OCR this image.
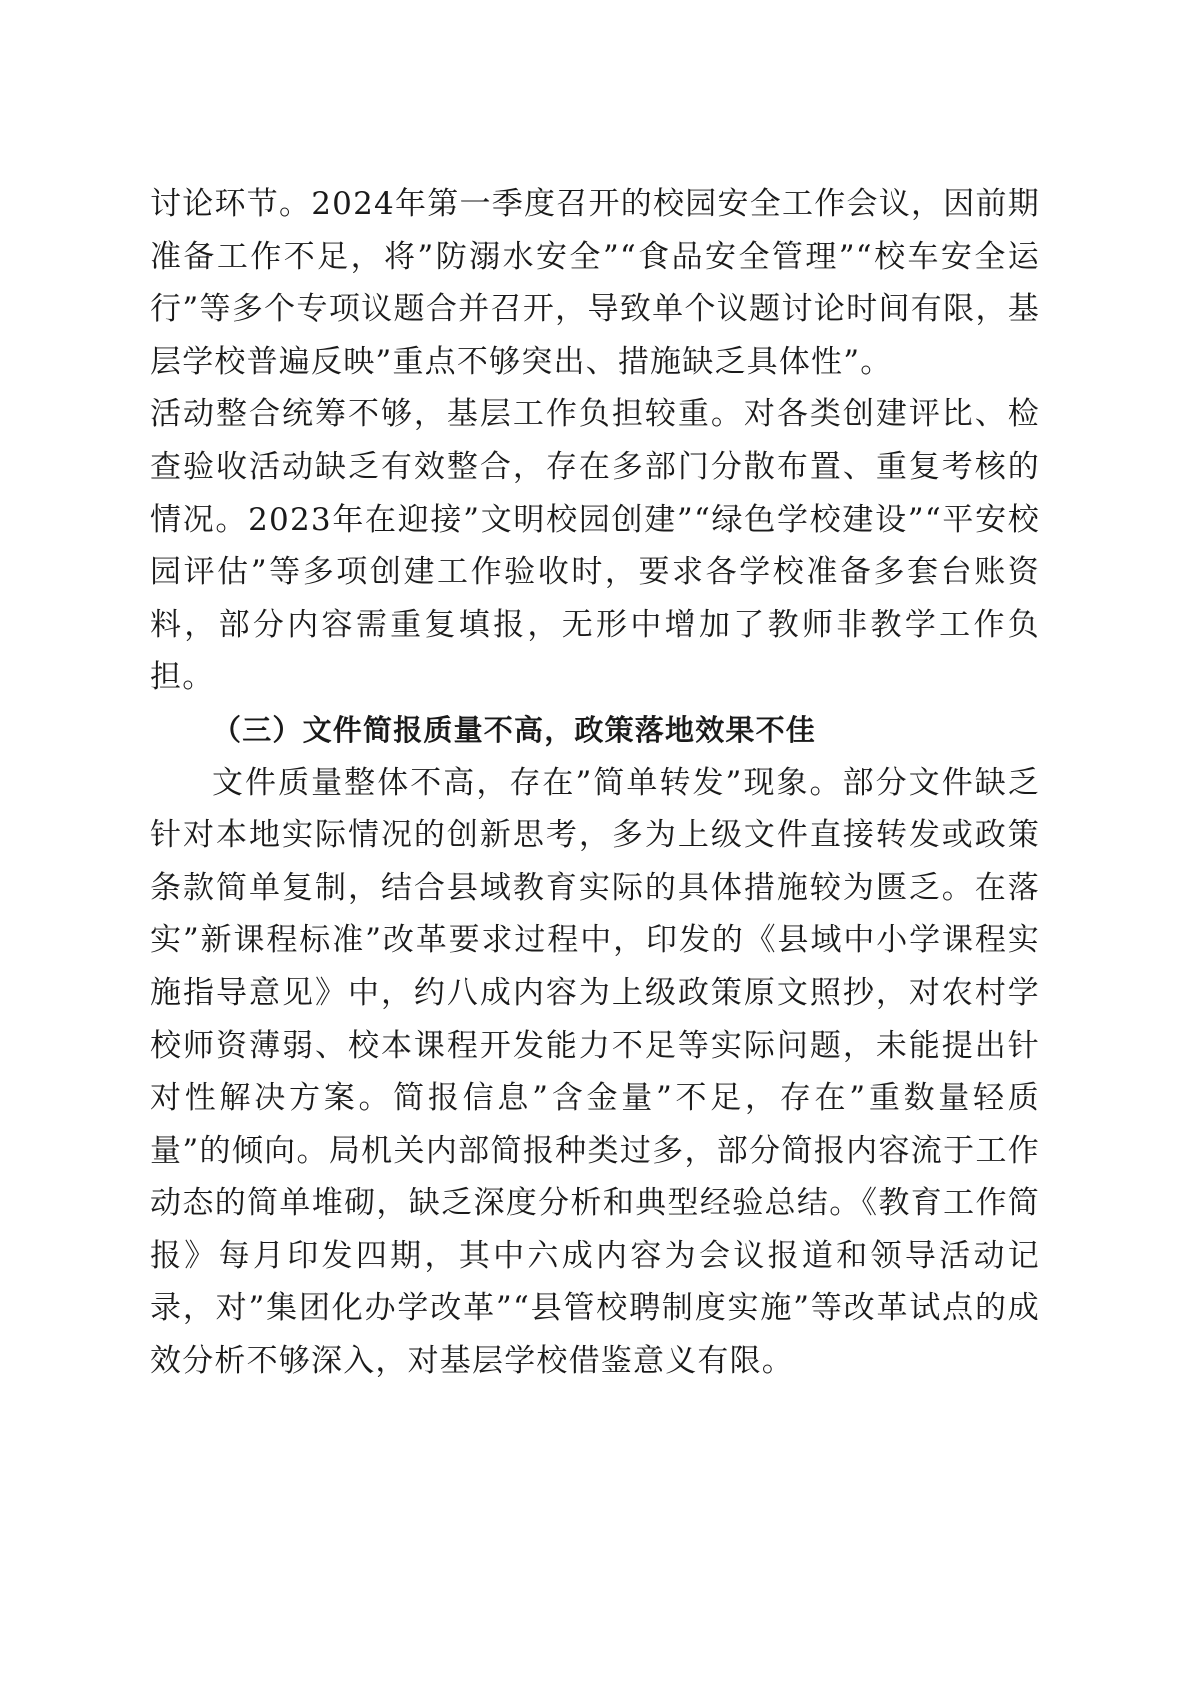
讨论环节。2024年第一季度召开的校园安全工作会议，因前期准备工作不足，将”防溺水安全”“食品安全管理”“校车安全运行”等多个专项议题合并召开，导致单个议题讨论时间有限，基层学校普遍反映”重点不够突出、措施缺乏具体性”。

活动整合统筹不够，基层工作负担较重。对各类创建评比、检查验收活动缺乏有效整合，存在多部门分散布置、重复考核的情况。2023年在迎接”文明校园创建”“绿色学校建设”“平安校园评估”等多项创建工作验收时，要求各学校准备多套台账资料，部分内容需重复填报，无形中增加了教师非教学工作负担。

（三）文件简报质量不高，政策落地效果不佳

文件质量整体不高，存在”简单转发”现象。部分文件缺乏针对本地实际情况的创新思考，多为上级文件直接转发或政策条款简单复制，结合县域教育实际的具体措施较为匮乏。在落实”新课程标准”改革要求过程中，印发的《县域中小学课程实施指导意见》中，约八成内容为上级政策原文照抄，对农村学校师资薄弱、校本课程开发能力不足等实际问题，未能提出针对性解决方案。简报信息”含金量”不足，存在”重数量轻质量”的倾向。局机关内部简报种类过多，部分简报内容流于工作动态的简单堆砌，缺乏深度分析和典型经验总结。《教育工作简报》每月印发四期，其中六成内容为会议报道和领导活动记录，对”集团化办学改革”“县管校聘制度实施”等改革试点的成效分析不够深入，对基层学校借鉴意义有限。
